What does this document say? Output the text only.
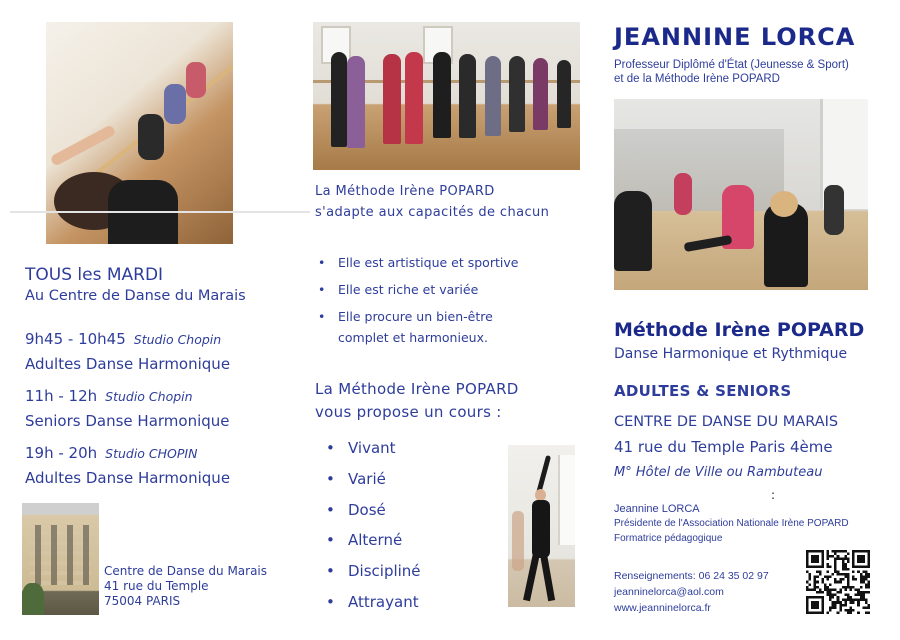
TOUS les MARDI
Au Centre de Danse du Marais
9h45 - 10h45 Studio Chopin
Adultes Danse Harmonique
11h - 12h Studio Chopin
Seniors Danse Harmonique
19h - 20h Studio CHOPIN
Adultes Danse Harmonique
Centre de Danse du Marais
41 rue du Temple
75004 PARIS
La Méthode Irène POPARD
s'adapte aux capacités de chacun
• Elle est artistique et sportive
• Elle est riche et variée
• Elle procure un bien-être complet et harmonieux.
La Méthode Irène POPARD
vous propose un cours :
• Vivant
• Varié
• Dosé
• Alterné
• Discipliné
• Attrayant
JEANNINE LORCA
Professeur Diplômé d'État (Jeunesse & Sport)
et de la Méthode Irène POPARD
Méthode Irène POPARD
Danse Harmonique et Rythmique
ADULTES & SENIORS
CENTRE DE DANSE DU MARAIS
41 rue du Temple Paris 4ème
M° Hôtel de Ville ou Rambuteau
:
Jeannine LORCA
Présidente de l'Association Nationale Irène POPARD
Formatrice pédagogique
Renseignements: 06 24 35 02 97
jeanninelorca@aol.com
www.jeanninelorca.fr
